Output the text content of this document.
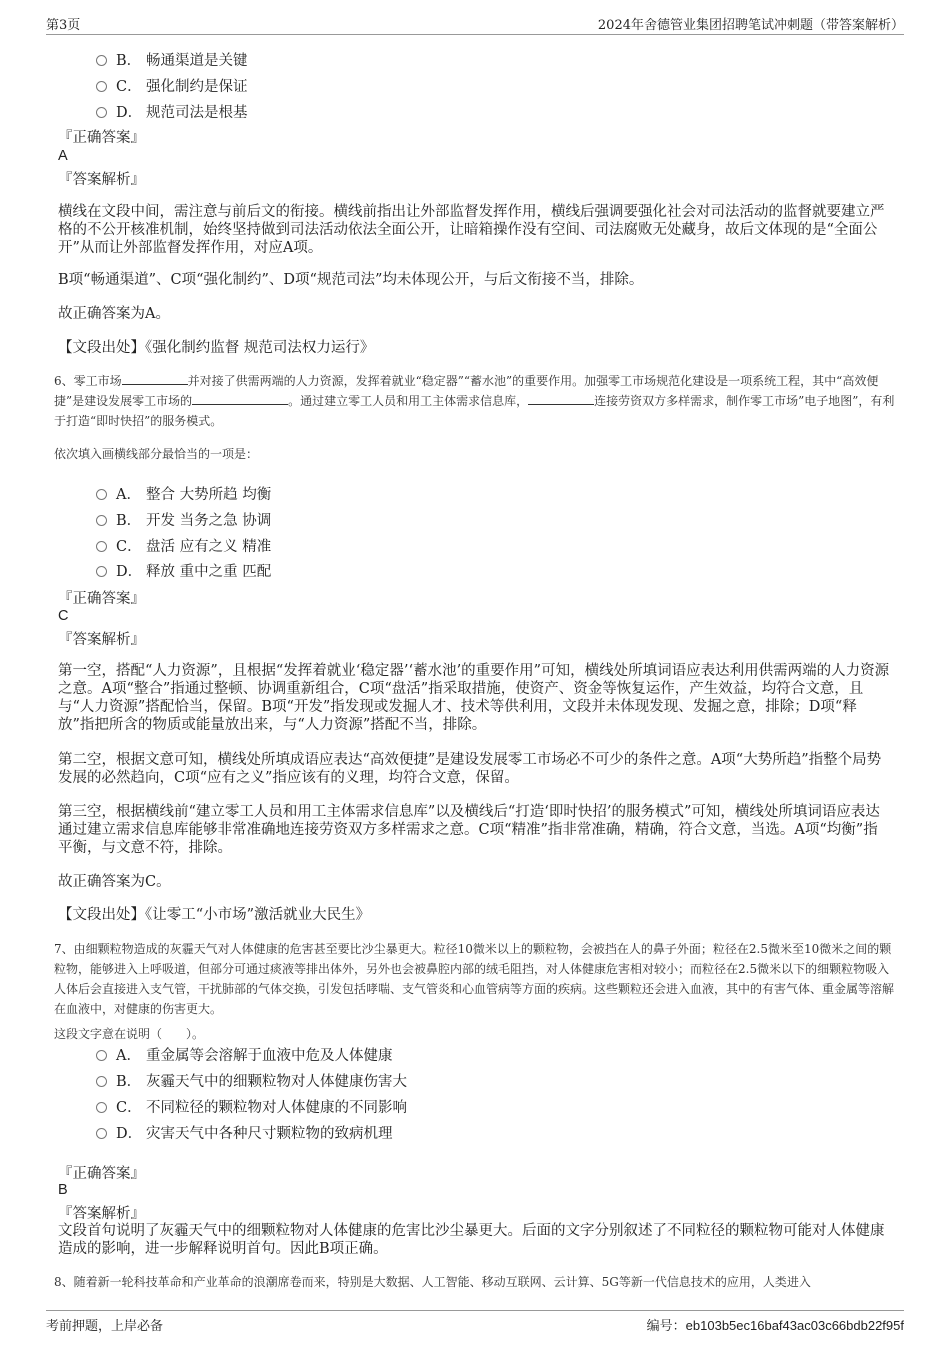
第3页	2024年舍德管业集团招聘笔试冲刺题（带答案解析）
B． 畅通渠道是关键
C． 强化制约是保证
D． 规范司法是根基
『正确答案』
A
『答案解析』
横线在文段中间，需注意与前后文的衔接。横线前指出让外部监督发挥作用，横线后强调要强化社会对司法活动的监督就要建立严格的不公开核准机制，始终坚持做到司法活动依法全面公开，让暗箱操作没有空间、司法腐败无处藏身，故后文体现的是“全面公开”从而让外部监督发挥作用，对应A项。
B项“畅通渠道”、C项“强化制约”、D项“规范司法”均未体现公开，与后文衔接不当，排除。
故正确答案为A。
【文段出处】《强化制约监督 规范司法权力运行》
6、零工市场	并对接了供需两端的人力资源，发挥着就业“稳定器”“蓄水池”的重要作用。加强零工市场规范化建设是一项系统工程，其中“高效便捷”是建设发展零工市场的	。通过建立零工人员和用工主体需求信息库，	连接劳资双方多样需求，制作零工市场”电子地图”，有利于打造“即时快招”的服务模式。
依次填入画横线部分最恰当的一项是：
A． 整合 大势所趋 均衡
B． 开发 当务之急 协调
C． 盘活 应有之义 精准
D． 释放 重中之重 匹配
『正确答案』
C
『答案解析』
第一空，搭配“人力资源”，且根据“发挥着就业‘稳定器’‘蓄水池’的重要作用”可知，横线处所填词语应表达利用供需两端的人力资源之意。A项“整合”指通过整顿、协调重新组合，C项“盘活”指采取措施，使资产、资金等恢复运作，产生效益，均符合文意，且与“人力资源”搭配恰当，保留。B项“开发”指发现或发掘人才、技术等供利用，文段并未体现发现、发掘之意，排除；D项“释放”指把所含的物质或能量放出来，与“人力资源”搭配不当，排除。
第二空，根据文意可知，横线处所填成语应表达“高效便捷”是建设发展零工市场必不可少的条件之意。A项“大势所趋”指整个局势发展的必然趋向，C项“应有之义”指应该有的义理，均符合文意，保留。
第三空，根据横线前“建立零工人员和用工主体需求信息库”以及横线后“打造‘即时快招’的服务模式”可知，横线处所填词语应表达通过建立需求信息库能够非常准确地连接劳资双方多样需求之意。C项“精准”指非常准确，精确，符合文意，当选。A项“均衡”指平衡，与文意不符，排除。
故正确答案为C。
【文段出处】《让零工“小市场”激活就业大民生》
7、由细颗粒物造成的灰霾天气对人体健康的危害甚至要比沙尘暴更大。粒径10微米以上的颗粒物，会被挡在人的鼻子外面；粒径在2.5微米至10微米之间的颗粒物，能够进入上呼吸道，但部分可通过痰液等排出体外，另外也会被鼻腔内部的绒毛阻挡，对人体健康危害相对较小；而粒径在2.5微米以下的细颗粒物吸入人体后会直接进入支气管，干扰肺部的气体交换，引发包括哮喘、支气管炎和心血管病等方面的疾病。这些颗粒还会进入血液，其中的有害气体、重金属等溶解在血液中，对健康的伤害更大。
这段文字意在说明（　　）。
A． 重金属等会溶解于血液中危及人体健康
B． 灰霾天气中的细颗粒物对人体健康伤害大
C． 不同粒径的颗粒物对人体健康的不同影响
D． 灾害天气中各种尺寸颗粒物的致病机理
『正确答案』
B
『答案解析』
文段首句说明了灰霾天气中的细颗粒物对人体健康的危害比沙尘暴更大。后面的文字分别叙述了不同粒径的颗粒物可能对人体健康造成的影响，进一步解释说明首句。因此B项正确。
8、随着新一轮科技革命和产业革命的浪潮席卷而来，特别是大数据、人工智能、移动互联网、云计算、5G等新一代信息技术的应用，人类进入
考前押题，上岸必备	编号：eb103b5ec16baf43ac03c66bdb22f95f
